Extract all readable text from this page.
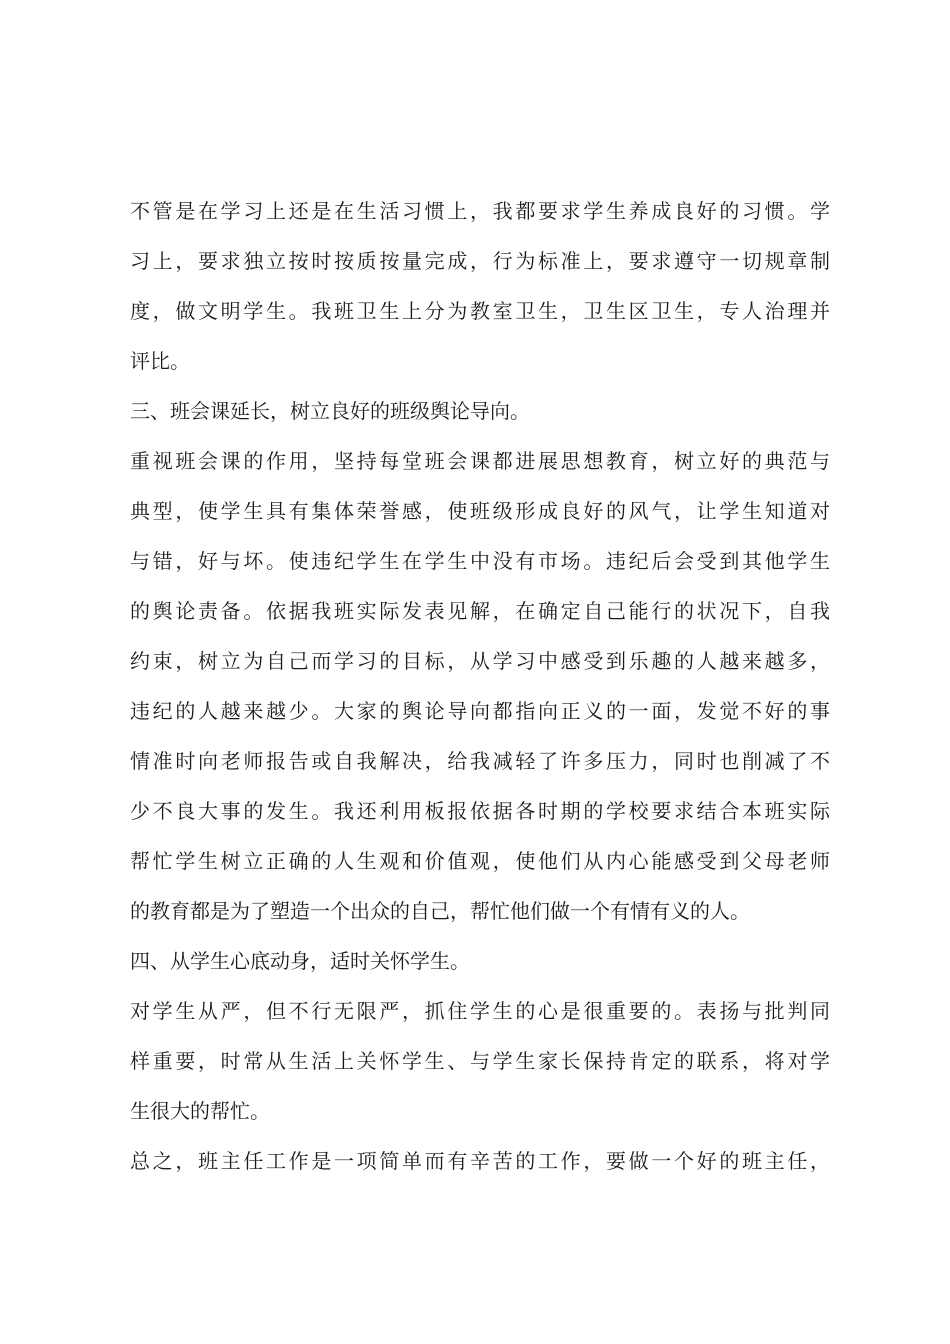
不管是在学习上还是在生活习惯上，我都要求学生养成良好的习惯。学
习上，要求独立按时按质按量完成，行为标准上，要求遵守一切规章制
度，做文明学生。我班卫生上分为教室卫生，卫生区卫生，专人治理并
评比。
三、班会课延长，树立良好的班级舆论导向。
重视班会课的作用，坚持每堂班会课都进展思想教育，树立好的典范与
典型，使学生具有集体荣誉感，使班级形成良好的风气，让学生知道对
与错，好与坏。使违纪学生在学生中没有市场。违纪后会受到其他学生
的舆论责备。依据我班实际发表见解，在确定自己能行的状况下，自我
约束，树立为自己而学习的目标，从学习中感受到乐趣的人越来越多，
违纪的人越来越少。大家的舆论导向都指向正义的一面，发觉不好的事
情准时向老师报告或自我解决，给我减轻了许多压力，同时也削减了不
少不良大事的发生。我还利用板报依据各时期的学校要求结合本班实际
帮忙学生树立正确的人生观和价值观，使他们从内心能感受到父母老师
的教育都是为了塑造一个出众的自己，帮忙他们做一个有情有义的人。
四、从学生心底动身，适时关怀学生。
对学生从严，但不行无限严，抓住学生的心是很重要的。表扬与批判同
样重要，时常从生活上关怀学生、与学生家长保持肯定的联系，将对学
生很大的帮忙。
总之，班主任工作是一项简单而有辛苦的工作，要做一个好的班主任，
